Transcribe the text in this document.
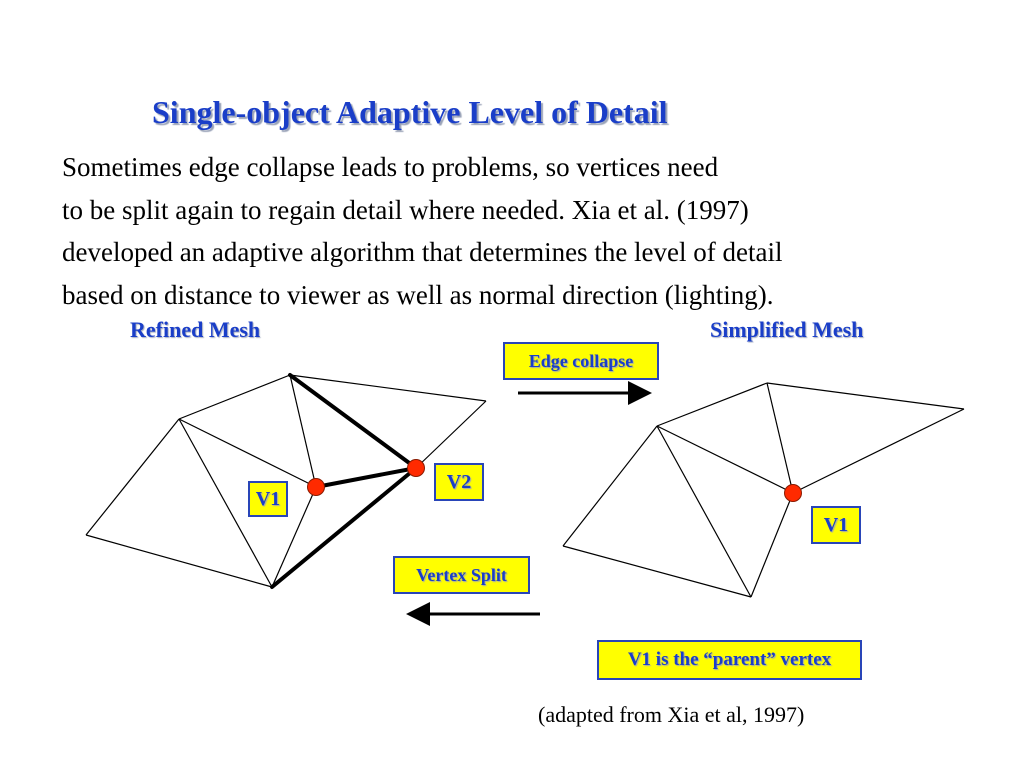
Single-object Adaptive Level of Detail
Sometimes edge collapse leads to problems, so vertices need
to be split again to regain detail where needed. Xia et al. (1997)
developed an adaptive algorithm that determines the level of detail
based on distance to viewer as well as normal direction (lighting).
Refined Mesh	Simplified Mesh
V1
V2
V1
Edge collapse
Vertex Split
V1 is the “parent” vertex
(adapted from Xia et al, 1997)
